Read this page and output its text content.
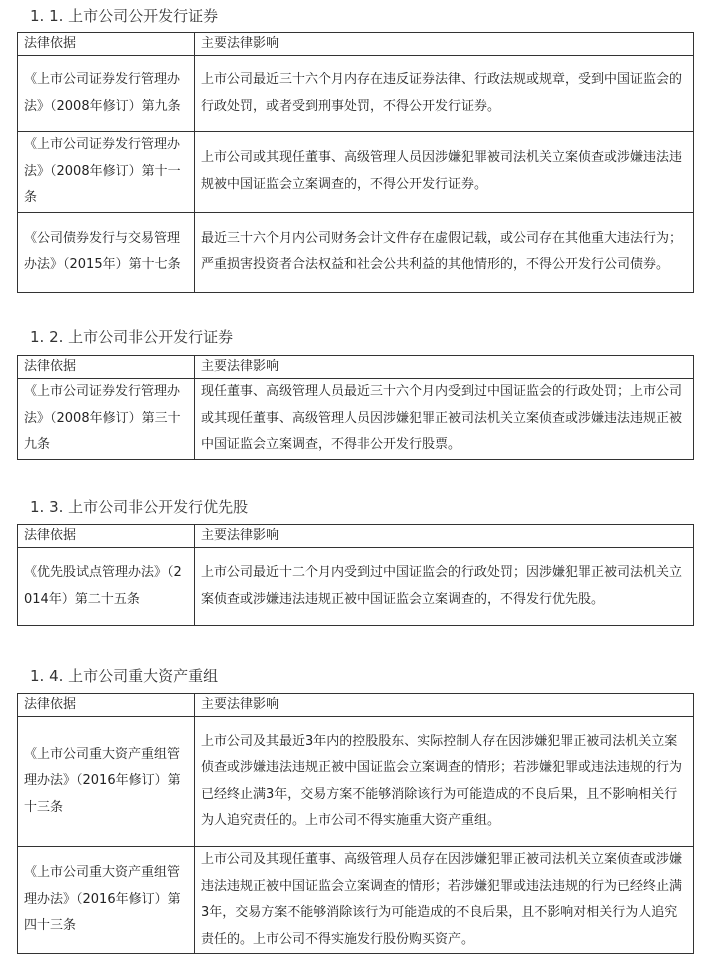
1. 1. 上市公司公开发行证券
法律依据	主要法律影响
《上市公司证券发行管理办法》（2008年修订）第九条	上市公司最近三十六个月内存在违反证券法律、行政法规或规章，受到中国证监会的行政处罚，或者受到刑事处罚，不得公开发行证券。
《上市公司证券发行管理办法》（2008年修订）第十一条	上市公司或其现任董事、高级管理人员因涉嫌犯罪被司法机关立案侦查或涉嫌违法违规被中国证监会立案调查的，不得公开发行证券。
《公司债券发行与交易管理办法》（2015年）第十七条	最近三十六个月内公司财务会计文件存在虚假记载，或公司存在其他重大违法行为；严重损害投资者合法权益和社会公共利益的其他情形的，不得公开发行公司债券。
1. 2. 上市公司非公开发行证券
法律依据	主要法律影响
《上市公司证券发行管理办法》（2008年修订）第三十九条	现任董事、高级管理人员最近三十六个月内受到过中国证监会的行政处罚；上市公司或其现任董事、高级管理人员因涉嫌犯罪正被司法机关立案侦查或涉嫌违法违规正被中国证监会立案调查，不得非公开发行股票。
1. 3. 上市公司非公开发行优先股
法律依据	主要法律影响
《优先股试点管理办法》（2014年）第二十五条	上市公司最近十二个月内受到过中国证监会的行政处罚；因涉嫌犯罪正被司法机关立案侦查或涉嫌违法违规正被中国证监会立案调查的，不得发行优先股。
1. 4. 上市公司重大资产重组
法律依据	主要法律影响
《上市公司重大资产重组管理办法》（2016年修订）第十三条	上市公司及其最近3年内的控股股东、实际控制人存在因涉嫌犯罪正被司法机关立案侦查或涉嫌违法违规正被中国证监会立案调查的情形；若涉嫌犯罪或违法违规的行为已经终止满3年，交易方案不能够消除该行为可能造成的不良后果，且不影响相关行为人追究责任的。上市公司不得实施重大资产重组。
《上市公司重大资产重组管理办法》（2016年修订）第四十三条	上市公司及其现任董事、高级管理人员存在因涉嫌犯罪正被司法机关立案侦查或涉嫌违法违规正被中国证监会立案调查的情形；若涉嫌犯罪或违法违规的行为已经终止满3年，交易方案不能够消除该行为可能造成的不良后果，且不影响对相关行为人追究责任的。上市公司不得实施发行股份购买资产。
